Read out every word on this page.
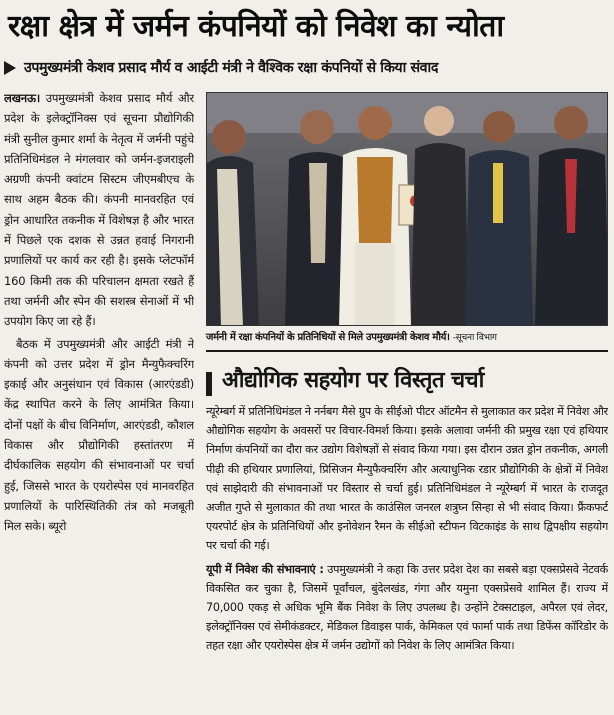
रक्षा क्षेत्र में जर्मन कंपनियों को निवेश का न्योता
उपमुख्यमंत्री केशव प्रसाद मौर्य व आईटी मंत्री ने वैश्विक रक्षा कंपनियों से किया संवाद

लखनऊ। उपमुख्यमंत्री केशव प्रसाद मौर्य और प्रदेश के इलेक्ट्रॉनिक्स एवं सूचना प्रौद्योगिकी मंत्री सुनील कुमार शर्मा के नेतृत्व में जर्मनी पहुंचे प्रतिनिधिमंडल ने मंगलवार को जर्मन-इजराइली अग्रणी कंपनी क्वांटम सिस्टम जीएमबीएच के साथ अहम बैठक की। कंपनी मानवरहित एवं ड्रोन आधारित तकनीक में विशेषज्ञ है और भारत में पिछले एक दशक से उन्नत हवाई निगरानी प्रणालियों पर कार्य कर रही है। इसके प्लेटफॉर्म 160 किमी तक की परिचालन क्षमता रखते हैं तथा जर्मनी और स्पेन की सशस्त्र सेनाओं में भी उपयोग किए जा रहे हैं।

बैठक में उपमुख्यमंत्री और आईटी मंत्री ने कंपनी को उत्तर प्रदेश में ड्रोन मैन्युफैक्चरिंग इकाई और अनुसंधान एवं विकास (आरएंडडी) केंद्र स्थापित करने के लिए आमंत्रित किया। दोनों पक्षों के बीच विनिर्माण, आरएंडडी, कौशल विकास और प्रौद्योगिकी हस्तांतरण में दीर्घकालिक सहयोग की संभावनाओं पर चर्चा हुई, जिससे भारत के एयरोस्पेस एवं मानवरहित प्रणालियों के पारिस्थितिकी तंत्र को मजबूती मिल सके। ब्यूरो

जर्मनी में रक्षा कंपनियों के प्रतिनिधियों से मिले उपमुख्यमंत्री केशव मौर्य। -सूचना विभाग
औद्योगिक सहयोग पर विस्तृत चर्चा

न्यूरेम्बर्ग में प्रतिनिधिमंडल ने नर्नबग मैसे ग्रुप के सीईओ पीटर ऑटमैन से मुलाकात कर प्रदेश में निवेश और औद्योगिक सहयोग के अवसरों पर विचार-विमर्श किया। इसके अलावा जर्मनी की प्रमुख रक्षा एवं हथियार निर्माण कंपनियों का दौरा कर उद्योग विशेषज्ञों से संवाद किया गया। इस दौरान उन्नत ड्रोन तकनीक, अगली पीढ़ी की हथियार प्रणालियां, प्रिसिजन मैन्युफैक्चरिंग और अत्याधुनिक रडार प्रौद्योगिकी के क्षेत्रों में निवेश एवं साझेदारी की संभावनाओं पर विस्तार से चर्चा हुई। प्रतिनिधिमंडल ने न्यूरेम्बर्ग में भारत के राजदूत अजीत गुप्ते से मुलाकात की तथा भारत के काउंसिल जनरल शत्रुघ्न सिन्हा से भी संवाद किया। फ्रैंकफर्ट एयरपोर्ट क्षेत्र के प्रतिनिधियों और इनोवेशन रैमन के सीईओ स्टीफन विटकाइंड के साथ द्विपक्षीय सहयोग पर चर्चा की गई।

यूपी में निवेश की संभावनाएं : उपमुख्यमंत्री ने कहा कि उत्तर प्रदेश देश का सबसे बड़ा एक्सप्रेसवे नेटवर्क विकसित कर चुका है, जिसमें पूर्वांचल, बुंदेलखंड, गंगा और यमुना एक्सप्रेसवे शामिल हैं। राज्य में 70,000 एकड़ से अधिक भूमि बैंक निवेश के लिए उपलब्ध है। उन्होंने टेक्सटाइल, अपैरल एवं लेदर, इलेक्ट्रॉनिक्स एवं सेमीकंडक्टर, मेडिकल डिवाइस पार्क, केमिकल एवं फार्मा पार्क तथा डिफेंस कॉरिडोर के तहत रक्षा और एयरोस्पेस क्षेत्र में जर्मन उद्योगों को निवेश के लिए आमंत्रित किया।
